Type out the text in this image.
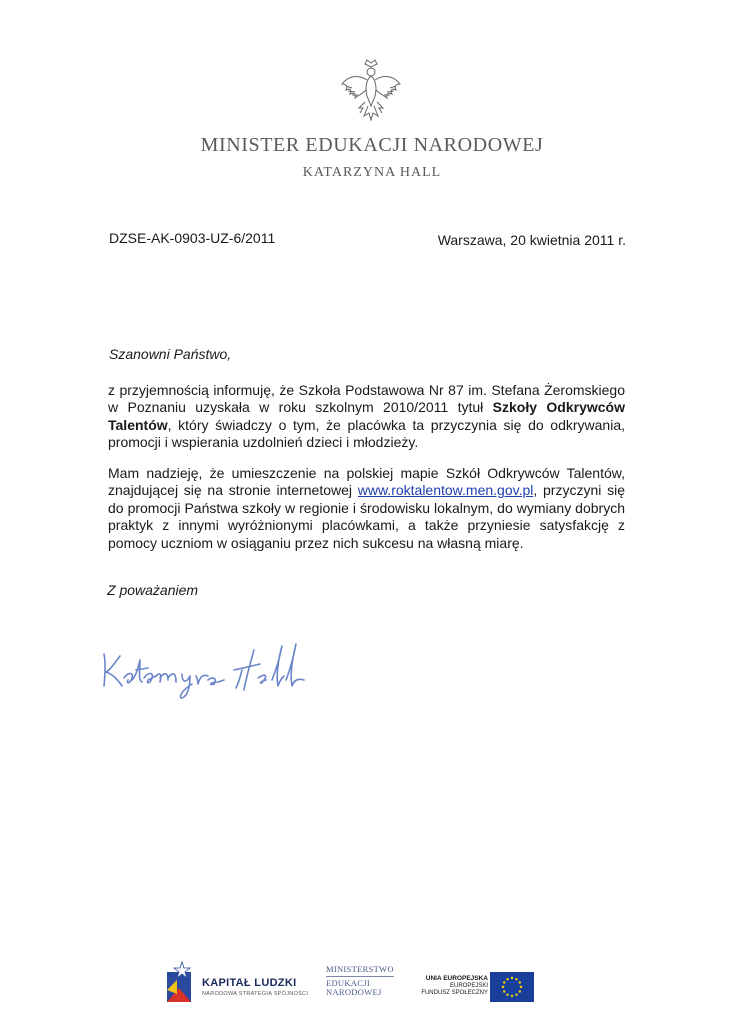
MINISTER EDUKACJI NARODOWEJ
KATARZYNA HALL
DZSE-AK-0903-UZ-6/2011	Warszawa, 20 kwietnia 2011 r.
Szanowni Państwo,

z przyjemnością informuję, że Szkoła Podstawowa Nr 87 im. Stefana Żeromskiego w Poznaniu uzyskała w roku szkolnym 2010/2011 tytuł Szkoły Odkrywców Talentów, który świadczy o tym, że placówka ta przyczynia się do odkrywania, promocji i wspierania uzdolnień dzieci i młodzieży.

Mam nadzieję, że umieszczenie na polskiej mapie Szkół Odkrywców Talentów, znajdującej się na stronie internetowej www.roktalentow.men.gov.pl, przyczyni się do promocji Państwa szkoły w regionie i środowisku lokalnym, do wymiany dobrych praktyk z innymi wyróżnionymi placówkami, a także przyniesie satysfakcję z pomocy uczniom w osiąganiu przez nich sukcesu na własną miarę.

Z poważaniem
KAPITAŁ LUDZKI
NARODOWA STRATEGIA SPÓJNOŚCI
MINISTERSTWO
EDUKACJI
NARODOWEJ
UNIA EUROPEJSKA
EUROPEJSKI
FUNDUSZ SPOŁECZNY
